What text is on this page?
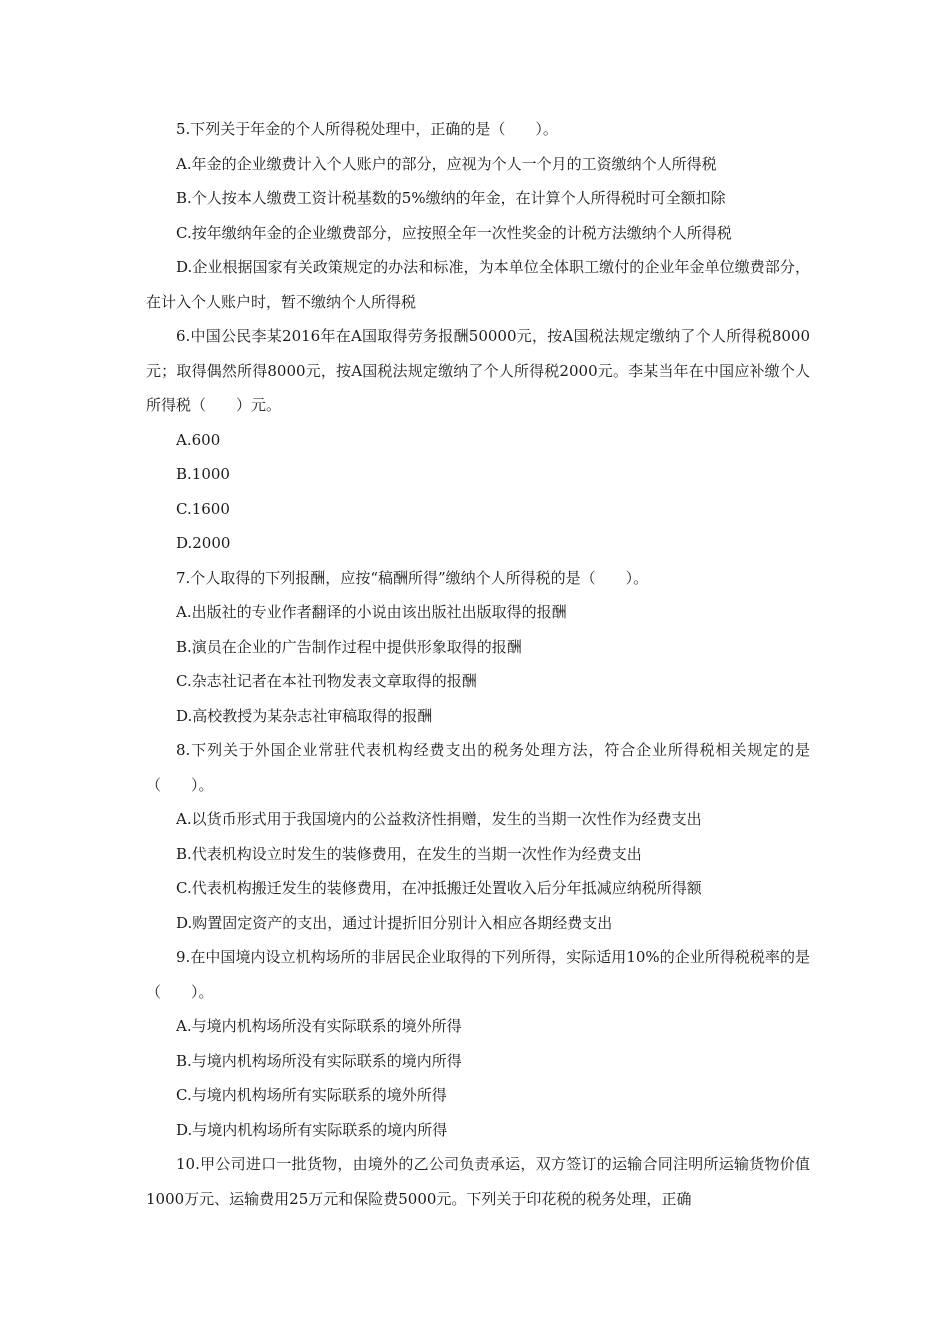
5.下列关于年金的个人所得税处理中，正确的是（　　）。

A.年金的企业缴费计入个人账户的部分，应视为个人一个月的工资缴纳个人所得税

B.个人按本人缴费工资计税基数的5%缴纳的年金，在计算个人所得税时可全额扣除

C.按年缴纳年金的企业缴费部分，应按照全年一次性奖金的计税方法缴纳个人所得税

D.企业根据国家有关政策规定的办法和标准，为本单位全体职工缴付的企业年金单位缴费部分，在计入个人账户时，暂不缴纳个人所得税

6.中国公民李某2016年在A国取得劳务报酬50000元，按A国税法规定缴纳了个人所得税8000元；取得偶然所得8000元，按A国税法规定缴纳了个人所得税2000元。李某当年在中国应补缴个人所得税（　　）元。

A.600

B.1000

C.1600

D.2000

7.个人取得的下列报酬，应按“稿酬所得”缴纳个人所得税的是（　　）。

A.出版社的专业作者翻译的小说由该出版社出版取得的报酬

B.演员在企业的广告制作过程中提供形象取得的报酬

C.杂志社记者在本社刊物发表文章取得的报酬

D.高校教授为某杂志社审稿取得的报酬

8.下列关于外国企业常驻代表机构经费支出的税务处理方法，符合企业所得税相关规定的是（　　）。

A.以货币形式用于我国境内的公益救济性捐赠，发生的当期一次性作为经费支出

B.代表机构设立时发生的装修费用，在发生的当期一次性作为经费支出

C.代表机构搬迁发生的装修费用，在冲抵搬迁处置收入后分年抵减应纳税所得额

D.购置固定资产的支出，通过计提折旧分别计入相应各期经费支出

9.在中国境内设立机构场所的非居民企业取得的下列所得，实际适用10%的企业所得税税率的是（　　）。

A.与境内机构场所没有实际联系的境外所得

B.与境内机构场所没有实际联系的境内所得

C.与境内机构场所有实际联系的境外所得

D.与境内机构场所有实际联系的境内所得

10.甲公司进口一批货物，由境外的乙公司负责承运，双方签订的运输合同注明所运输货物价值1000万元、运输费用25万元和保险费5000元。下列关于印花税的税务处理，正确
